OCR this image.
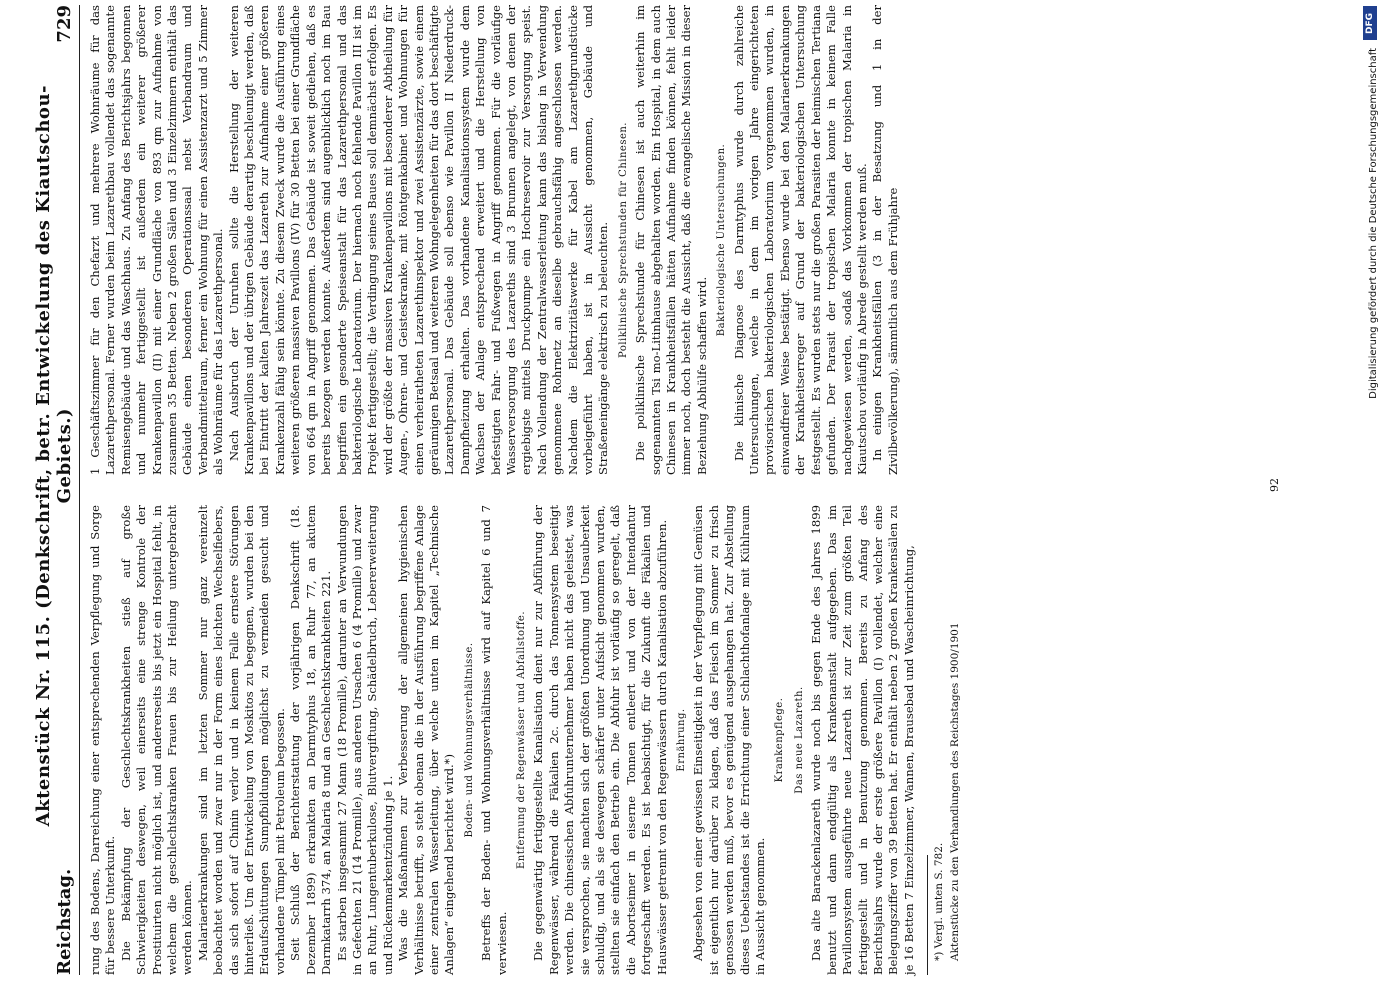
Reichstag.
Aktenstück Nr. 115. (Denkschrift, betr. Entwickelung des Kiautschou-Gebiets.)
729

rung des Bodens, Darreichung einer entsprechenden Verpflegung und Sorge für bessere Unterkunft. Die Bekämpfung der Geschlechtskrankheiten stieß auf große Schwierigkeiten deswegen, weil einerseits eine strenge Kontrole der Prostituirten nicht möglich ist, und andererseits bis jetzt ein Hospital fehlt, in welchem die geschlechtskranken Frauen bis zur Heilung untergebracht werden können. Malariaerkrankungen sind im letzten Sommer nur ganz vereinzelt beobachtet worden und zwar nur in der Form eines leichten Wechselfiebers, das sich sofort auf Chinin verlor und in keinem Falle ernstere Störungen hinterließ. Um der Entwickelung von Moskitos zu begegnen, wurden bei den Erdaufschüttungen Sumpfbildungen möglichst zu vermeiden gesucht und vorhandene Tümpel mit Petroleum begossen. Seit Schluß der Berichterstattung der vorjährigen Denkschrift (18. Dezember 1899) erkrankten an Darmtyphus 18, an Ruhr 77, an akutem Darmkatarrh 374, an Malaria 8 und an Geschlechtskrankheiten 221. Es starben insgesammt 27 Mann (18 Promille), darunter an Verwundungen in Gefechten 21 (14 Promille), aus anderen Ursachen 6 (4 Promille) und zwar an Ruhr, Lungentuberkulose, Blutvergiftung, Schädelbruch, Lebererweiterung und Rückenmarkentzündung je 1. Was die Maßnahmen zur Verbesserung der allgemeinen hygienischen Verhältnisse betrifft, so steht obenan die in der Ausführung begriffene Anlage einer zentralen Wasserleitung, über welche unten im Kapitel „Technische Anlagen“ eingehend berichtet wird.*)

Boden- und Wohnungsverhältnisse. Betreffs der Boden- und Wohnungsverhältnisse wird auf Kapitel 6 und 7 verwiesen.

Entfernung der Regenwässer und Abfallstoffe. Die gegenwärtig fertiggestellte Kanalisation dient nur zur Abführung der Regenwässer, während die Fäkalien 2c. durch das Tonnensystem beseitigt werden. Die chinesischen Abfuhrunternehmer haben nicht das geleistet, was sie versprochen, sie machten sich der größten Unordnung und Unsauberkeit schuldig, und als sie deswegen schärfer unter Aufsicht genommen wurden, stellten sie einfach den Betrieb ein. Die Abfuhr ist vorläufig so geregelt, daß die Abortseimer in eiserne Tonnen entleert und von der Intendantur fortgeschafft werden. Es ist beabsichtigt, für die Zukunft die Fäkalien und Hauswässer getrennt von den Regenwässern durch Kanalisation abzuführen. Ernährung. Abgesehen von einer gewissen Einseitigkeit in der Verpflegung mit Gemüsen ist eigentlich nur darüber zu klagen, daß das Fleisch im Sommer zu frisch genossen werden muß, bevor es genügend ausgehangen hat. Zur Abstellung dieses Uebelstandes ist die Errichtung einer Schlachthofanlage mit Kühlraum in Aussicht genommen.

Krankenpflege. Das neue Lazareth. Das alte Barackenlazareth wurde noch bis gegen Ende des Jahres 1899 benutzt und dann endgültig als Krankenanstalt aufgegeben. Das im Pavillonsystem ausgeführte neue Lazareth ist zur Zeit zum größten Teil fertiggestellt und in Benutzung genommen. Bereits zu Anfang des Berichtsjahrs wurde der erste größere Pavillon (I) vollendet, welcher eine Belegungsziffer von 39 Betten hat. Er enthält neben 2 großen Krankensälen zu je 16 Betten 7 Einzelzimmer, Wannen, Brausebad und Wascheinrichtung, *) Vergl. unten S. 782. Aktenstücke zu den Verhandlungen des Reichstages 1900/1901

1 Geschäftszimmer für den Chefarzt und mehrere Wohnräume für das Lazarethpersonal. Ferner wurden beim Lazarethbau vollendet das sogenannte Remisengebäude und das Waschhaus. Zu Anfang des Berichtsjahrs begonnen und nunmehr fertiggestellt ist außerdem ein weiterer größerer Krankenpavillon (II) mit einer Grundfläche von 893 qm zur Aufnahme von zusammen 35 Betten. Neben 2 großen Sälen und 3 Einzelzimmern enthält das Gebäude einen besonderen Operationssaal nebst Verbandraum und Verbandmittelraum, ferner ein Wohnung für einen Assistenzarzt und 5 Zimmer als Wohnräume für das Lazarethpersonal. Nach Ausbruch der Unruhen sollte die Herstellung der weiteren Krankenpavillons und der übrigen Gebäude derartig beschleunigt werden, daß bei Eintritt der kalten Jahreszeit das Lazareth zur Aufnahme einer größeren Krankenzahl fähig sein könnte. Zu diesem Zweck wurde die Ausführung eines weiteren größeren massiven Pavillons (IV) für 30 Betten bei einer Grundfläche von 664 qm in Angriff genommen. Das Gebäude ist soweit gediehen, daß es bereits bezogen werden konnte. Außerdem sind augenblicklich noch im Bau begriffen ein gesonderte Speiseanstalt für das Lazarethpersonal und das bakteriologische Laboratorium. Der hiernach noch fehlende Pavillon III ist im Projekt fertiggestellt; die Verdingung seines Baues soll demnächst erfolgen. Es wird der größte der massiven Krankenpavillons mit besonderer Abtheilung für Augen-, Ohren- und Geisteskranke, mit Röntgenkabinet und Wohnungen für einen verheiratheten Lazarethinspektor und zwei Assistenzärzte, sowie einem geräumigen Betsaal und weiteren Wohngelegenheiten für das dort beschäftigte Lazarethpersonal. Das Gebäude soll ebenso wie Pavillon II Niederdruck-Dampfheizung erhalten. Das vorhandene Kanalisationssystem wurde dem Wachsen der Anlage entsprechend erweitert und die Herstellung von befestigten Fahr- und Fußwegen in Angriff genommen. Für die vorläufige Wasserversorgung des Lazareths sind 3 Brunnen angelegt, von denen der ergiebigste mittels Druckpumpe ein Hochreservoir zur Versorgung speist. Nach Vollendung der Zentralwasserleitung kann das bislang in Verwendung genommene Rohrnetz an dieselbe gebrauchsfähig angeschlossen werden. Nachdem die Elektrizitätswerke für Kabel am Lazarethgrundstücke vorbeigeführt haben, ist in Aussicht genommen, Gebäude und Straßeneingänge elektrisch zu beleuchten. Poliklinische Sprechstunden für Chinesen. Die poliklinische Sprechstunde für Chinesen ist auch weiterhin im sogenannten Tsi mo-Litinhause abgehalten worden. Ein Hospital, in dem auch Chinesen in Krankheitsfällen hätten Aufnahme finden können, fehlt leider immer noch, doch besteht die Aussicht, daß die evangelische Mission in dieser Beziehung Abhülfe schaffen wird.

Bakteriologische Untersuchungen. Die klinische Diagnose des Darmtyphus wurde durch zahlreiche Untersuchungen, welche in dem im vorigen Jahre eingerichteten provisorischen bakteriologischen Laboratorium vorgenommen wurden, in einwandfreier Weise bestätigt. Ebenso wurde bei den Malariaerkrankungen der Krankheitserreger auf Grund der bakteriologischen Untersuchung festgestellt. Es wurden stets nur die großen Parasiten der heimischen Tertiana gefunden. Der Parasit der tropischen Malaria konnte in keinem Falle nachgewiesen werden, sodaß das Vorkommen der tropischen Malaria in Kiautschou vorläufig in Abrede gestellt werden muß. In einigen Krankheitsfällen (3 in der Besatzung und 1 in der Zivilbevölkerung), sämmtlich aus dem Frühjahre

92
DFG
Digitalisierung gefördert durch die Deutsche Forschungsgemeinschaft
